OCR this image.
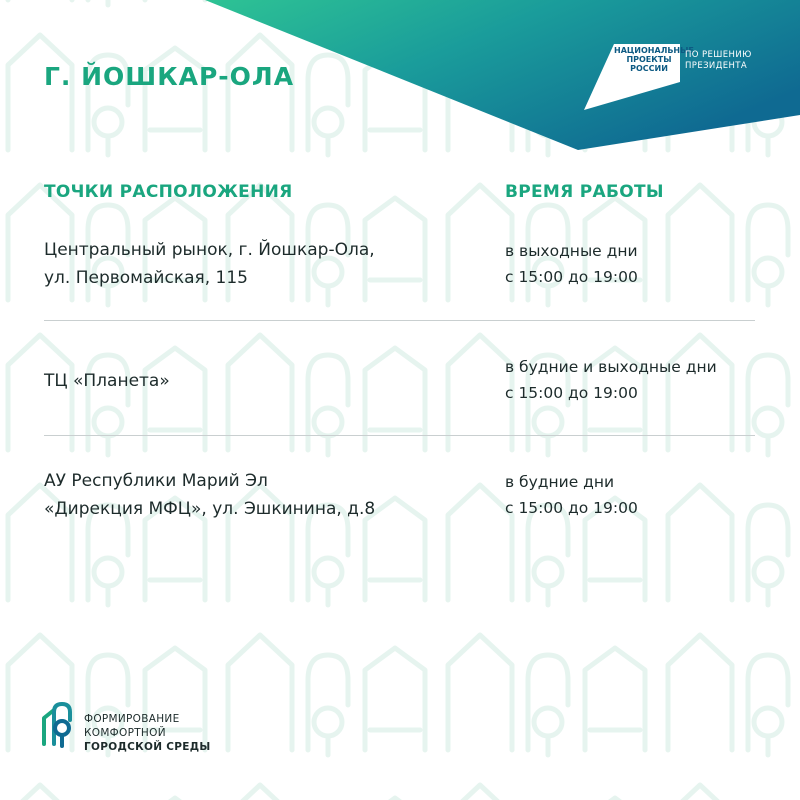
Г. ЙОШКАР-ОЛА
НАЦИОНАЛЬНЫЕ
ПРОЕКТЫ
РОССИИ
ПО РЕШЕНИЮ
ПРЕЗИДЕНТА
ТОЧКИ РАСПОЛОЖЕНИЯ	ВРЕМЯ РАБОТЫ
Центральный рынок, г. Йошкар-Ола,
ул. Первомайская, 115
в выходные дни
с 15:00 до 19:00
ТЦ «Планета»
в будние и выходные дни
с 15:00 до 19:00
АУ Республики Марий Эл
«Дирекция МФЦ», ул. Эшкинина, д.8
в будние дни
с 15:00 до 19:00
ФОРМИРОВАНИЕ
КОМФОРТНОЙ
ГОРОДСКОЙ СРЕДЫ
